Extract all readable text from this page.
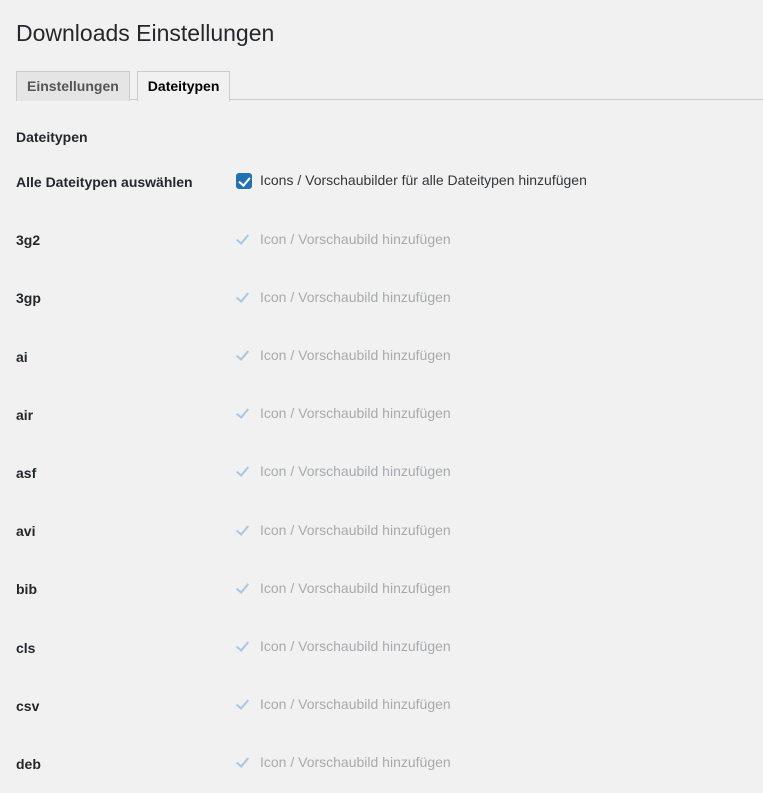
Downloads Einstellungen
Einstellungen	Dateitypen
Dateitypen
Alle Dateitypen auswählen	Icons / Vorschaubilder für alle Dateitypen hinzufügen

3g2	Icon / Vorschaubild hinzufügen

3gp	Icon / Vorschaubild hinzufügen

ai	Icon / Vorschaubild hinzufügen

air	Icon / Vorschaubild hinzufügen

asf	Icon / Vorschaubild hinzufügen

avi	Icon / Vorschaubild hinzufügen

bib	Icon / Vorschaubild hinzufügen

cls	Icon / Vorschaubild hinzufügen

csv	Icon / Vorschaubild hinzufügen

deb	Icon / Vorschaubild hinzufügen
